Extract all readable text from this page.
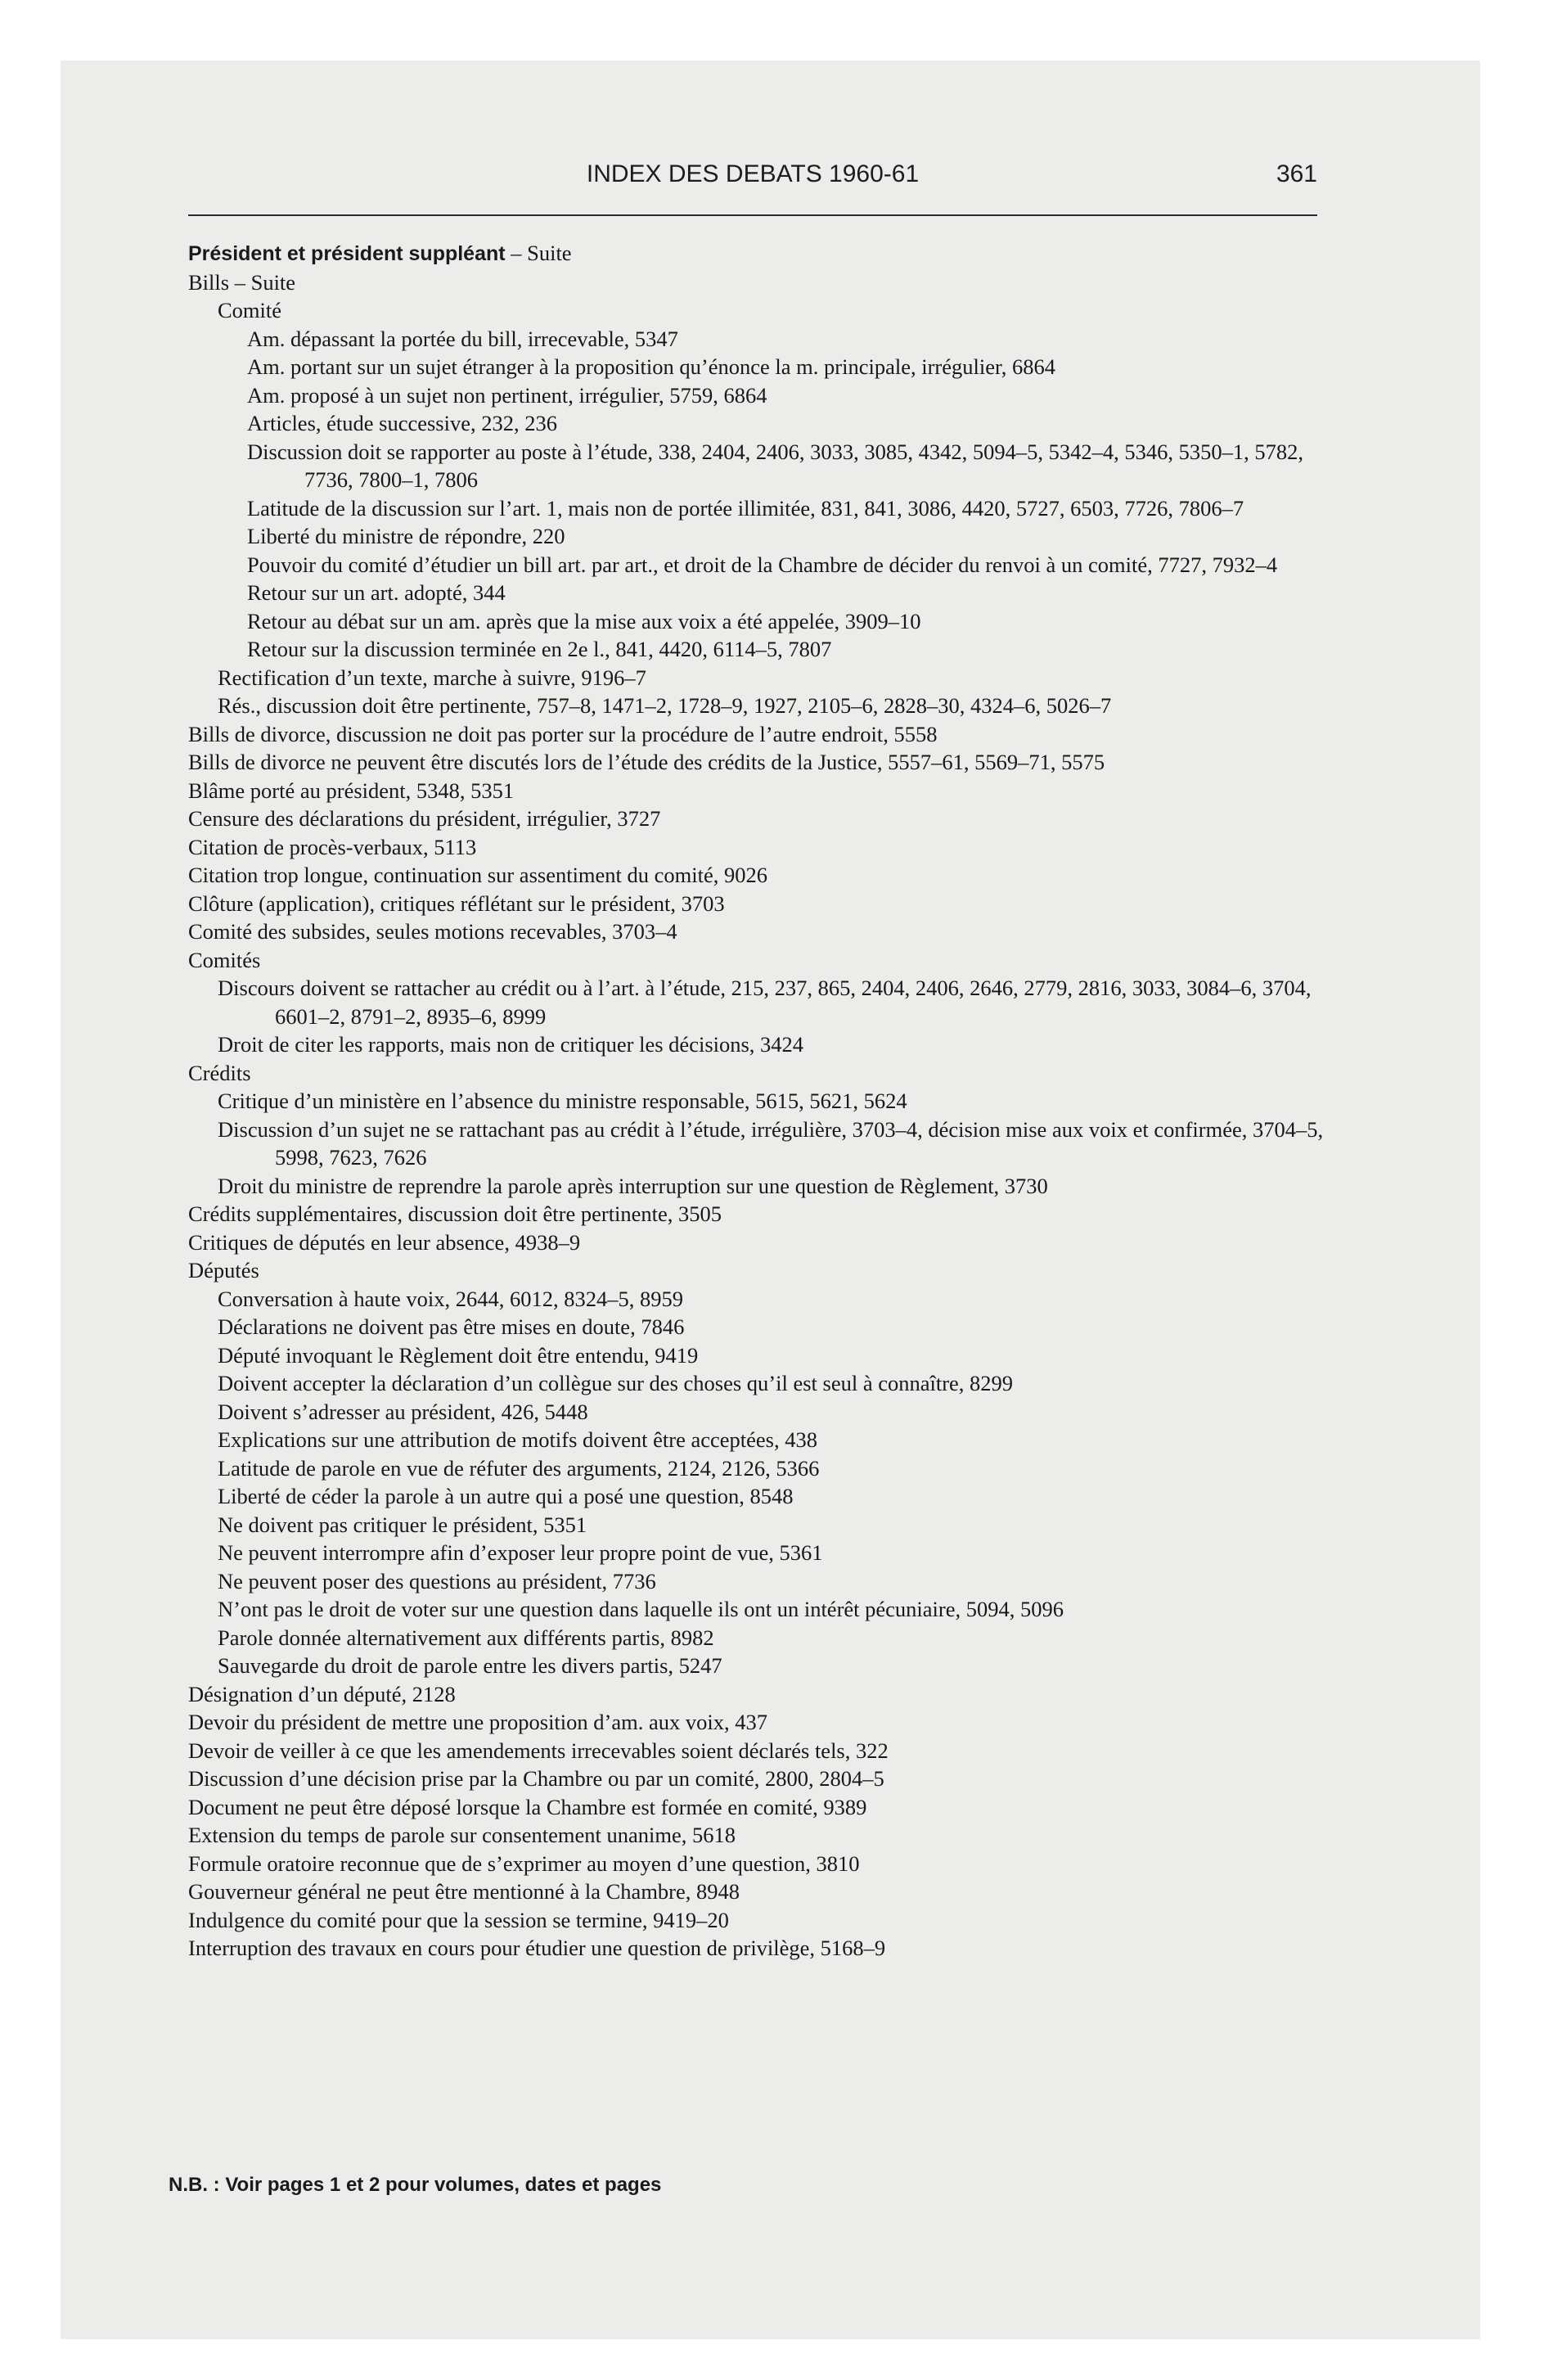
INDEX DES DEBATS 1960-61	361
Président et président suppléant – Suite
Bills – Suite
Comité
Am. dépassant la portée du bill, irrecevable, 5347
Am. portant sur un sujet étranger à la proposition qu’énonce la m. principale, irrégulier, 6864
Am. proposé à un sujet non pertinent, irrégulier, 5759, 6864
Articles, étude successive, 232, 236
Discussion doit se rapporter au poste à l’étude, 338, 2404, 2406, 3033, 3085, 4342, 5094–5, 5342–4, 5346, 5350–1, 5782, 7736, 7800–1, 7806
Latitude de la discussion sur l’art. 1, mais non de portée illimitée, 831, 841, 3086, 4420, 5727, 6503, 7726, 7806–7
Liberté du ministre de répondre, 220
Pouvoir du comité d’étudier un bill art. par art., et droit de la Chambre de décider du renvoi à un comité, 7727, 7932–4
Retour sur un art. adopté, 344
Retour au débat sur un am. après que la mise aux voix a été appelée, 3909–10
Retour sur la discussion terminée en 2e l., 841, 4420, 6114–5, 7807
Rectification d’un texte, marche à suivre, 9196–7
Rés., discussion doit être pertinente, 757–8, 1471–2, 1728–9, 1927, 2105–6, 2828–30, 4324–6, 5026–7
Bills de divorce, discussion ne doit pas porter sur la procédure de l’autre endroit, 5558
Bills de divorce ne peuvent être discutés lors de l’étude des crédits de la Justice, 5557–61, 5569–71, 5575
Blâme porté au président, 5348, 5351
Censure des déclarations du président, irrégulier, 3727
Citation de procès-verbaux, 5113
Citation trop longue, continuation sur assentiment du comité, 9026
Clôture (application), critiques réflétant sur le président, 3703
Comité des subsides, seules motions recevables, 3703–4
Comités
Discours doivent se rattacher au crédit ou à l’art. à l’étude, 215, 237, 865, 2404, 2406, 2646, 2779, 2816, 3033, 3084–6, 3704, 6601–2, 8791–2, 8935–6, 8999
Droit de citer les rapports, mais non de critiquer les décisions, 3424
Crédits
Critique d’un ministère en l’absence du ministre responsable, 5615, 5621, 5624
Discussion d’un sujet ne se rattachant pas au crédit à l’étude, irrégulière, 3703–4, décision mise aux voix et confirmée, 3704–5, 5998, 7623, 7626
Droit du ministre de reprendre la parole après interruption sur une question de Règlement, 3730
Crédits supplémentaires, discussion doit être pertinente, 3505
Critiques de députés en leur absence, 4938–9
Députés
Conversation à haute voix, 2644, 6012, 8324–5, 8959
Déclarations ne doivent pas être mises en doute, 7846
Député invoquant le Règlement doit être entendu, 9419
Doivent accepter la déclaration d’un collègue sur des choses qu’il est seul à connaître, 8299
Doivent s’adresser au président, 426, 5448
Explications sur une attribution de motifs doivent être acceptées, 438
Latitude de parole en vue de réfuter des arguments, 2124, 2126, 5366
Liberté de céder la parole à un autre qui a posé une question, 8548
Ne doivent pas critiquer le président, 5351
Ne peuvent interrompre afin d’exposer leur propre point de vue, 5361
Ne peuvent poser des questions au président, 7736
N’ont pas le droit de voter sur une question dans laquelle ils ont un intérêt pécuniaire, 5094, 5096
Parole donnée alternativement aux différents partis, 8982
Sauvegarde du droit de parole entre les divers partis, 5247
Désignation d’un député, 2128
Devoir du président de mettre une proposition d’am. aux voix, 437
Devoir de veiller à ce que les amendements irrecevables soient déclarés tels, 322
Discussion d’une décision prise par la Chambre ou par un comité, 2800, 2804–5
Document ne peut être déposé lorsque la Chambre est formée en comité, 9389
Extension du temps de parole sur consentement unanime, 5618
Formule oratoire reconnue que de s’exprimer au moyen d’une question, 3810
Gouverneur général ne peut être mentionné à la Chambre, 8948
Indulgence du comité pour que la session se termine, 9419–20
Interruption des travaux en cours pour étudier une question de privilège, 5168–9
N.B. : Voir pages 1 et 2 pour volumes, dates et pages
